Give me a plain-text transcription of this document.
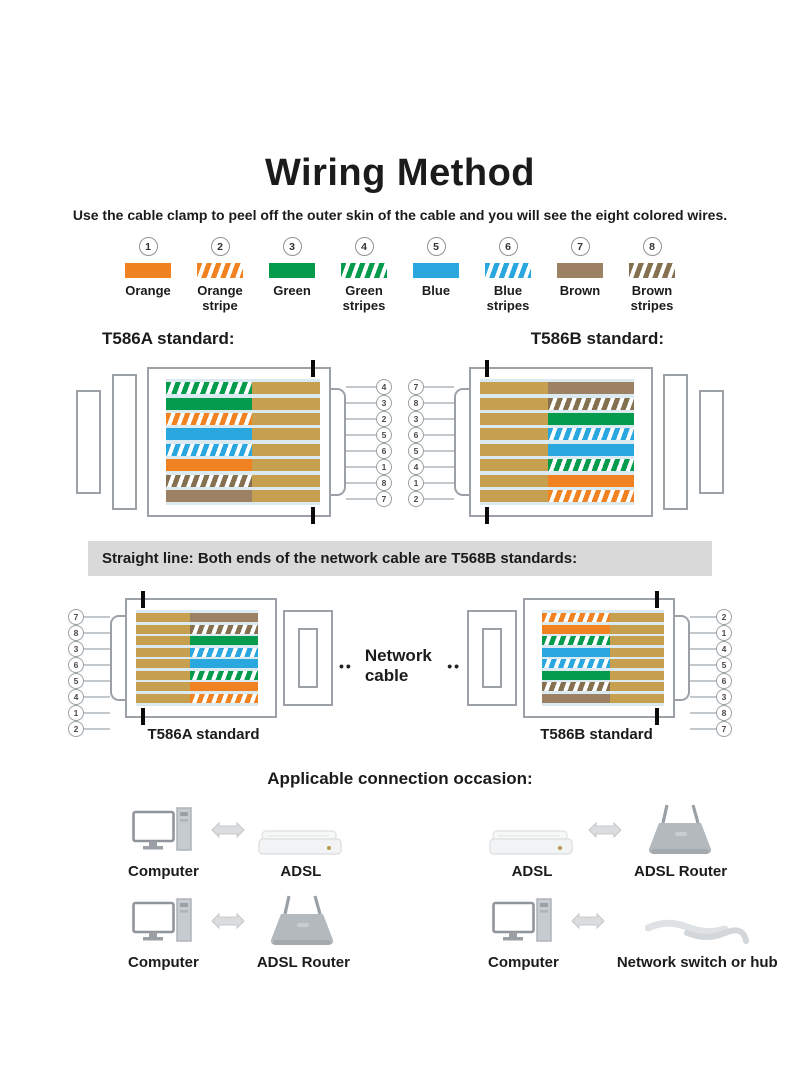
Wiring Method
Use the cable clamp to peel off the outer skin of the cable and you will see the eight colored wires.
1
Orange
2
Orange stripe
3
Green
4
Green stripes
5
Blue
6
Blue stripes
7
Brown
8
Brown stripes
T586A standard:	T586B standard:
4
3
2
5
6
1
8
7
7
8
3
6
5
4
1
2
Straight line: Both ends of the network cable are T568B standards:
7
8
3
6
5
4
1
2	T586A standard
••
Network cable	••
2
1
4
5
6
3
8
7
T586B standard
Applicable connection occasion:
Computer	ADSL	ADSL	ADSL Router
Computer	ADSL Router	Computer	Network switch or hub
